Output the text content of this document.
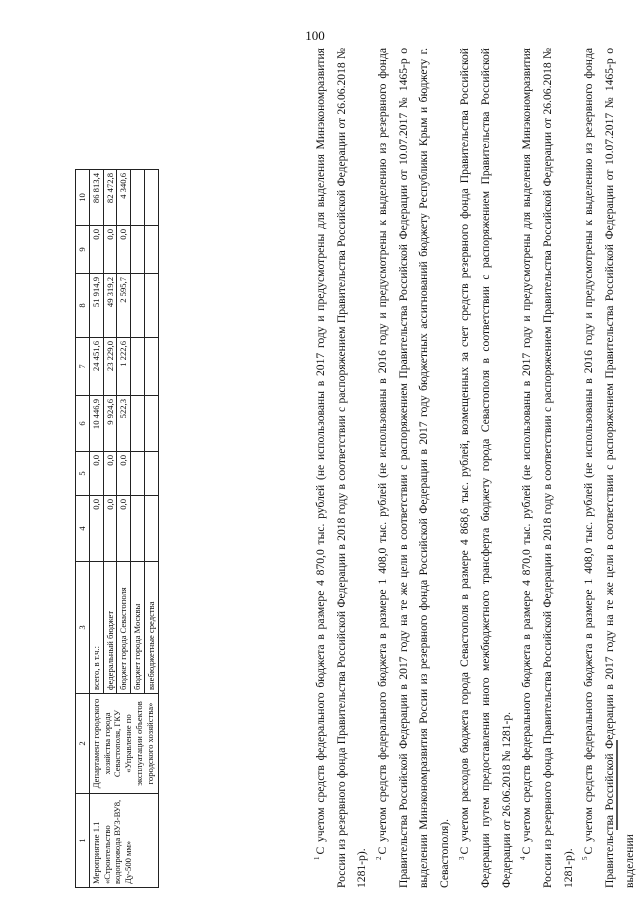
100
1	2	3	4	5	6	7	8	9	10	
Мероприятие 1.1 «Строительство водопровода ВУ3-ВУ8, Ду-500 мм»	Департамент городского хозяйства города Севастополя, ГКУ «Управление по эксплуатации объектов городского хозяйства»	всего, в т.ч.:	0,0	0,0	10 446,9	24 451,6	51 914,9	0,0	86 813,4	
		федеральный бюджет	0,0	0,0	9 924,6	23 229,0	49 319,2	0,0	82 472,8	
		бюджет города Севастополя	0,0	0,0	522,3	1 222,6	2 595,7	0,0	4 340,6	
		бюджет города Москвы								
		внебюджетные средства								

$^1$С учетом средств федерального бюджета в размере 4 870,0 тыс. рублей (не использованы в 2017 году и предусмотрены для выделения Минэкономразвития России из резервного фонда Правительства Российской Федерации в 2018 году в соответствии с распоряжением Правительства Российской Федерации от 26.06.2018 № 1281-р). $^2$С учетом средств федерального бюджета в размере 1 408,0 тыс. рублей (не использованы в 2016 году и предусмотрены к выделению из резервного фонда Правительства Российской Федерации в 2017 году на те же цели в соответствии с распоряжением Правительства Российской Федерации от 10.07.2017 № 1465-р о выделении Минэкономразвития России из резервного фонда Российской Федерации в 2017 году бюджетных ассигнований бюджету Республики Крым и бюджету г. Севастополя). $^3$С учетом расходов бюджета города Севастополя в размере 4 868,6 тыс. рублей, возмещенных за счет средств резервного фонда Правительства Российской Федерации путем предоставления иного межбюджетного трансферта бюджету города Севастополя в соответствии с распоряжением Правительства Российской Федерации от 26.06.2018 № 1281-р. $^4$С учетом средств федерального бюджета в размере 4 870,0 тыс. рублей (не использованы в 2017 году и предусмотрены для выделения Минэкономразвития России из резервного фонда Правительства Российской Федерации в 2018 году в соответствии с распоряжением Правительства Российской Федерации от 26.06.2018 № 1281-р). $^5$С учетом средств федерального бюджета в размере 1 408,0 тыс. рублей (не использованы в 2016 году и предусмотрены к выделению из резервного фонда Правительства Российской Федерации в 2017 году на те же цели в соответствии с распоряжением Правительства Российской Федерации от 10.07.2017 № 1465-р о выделении
